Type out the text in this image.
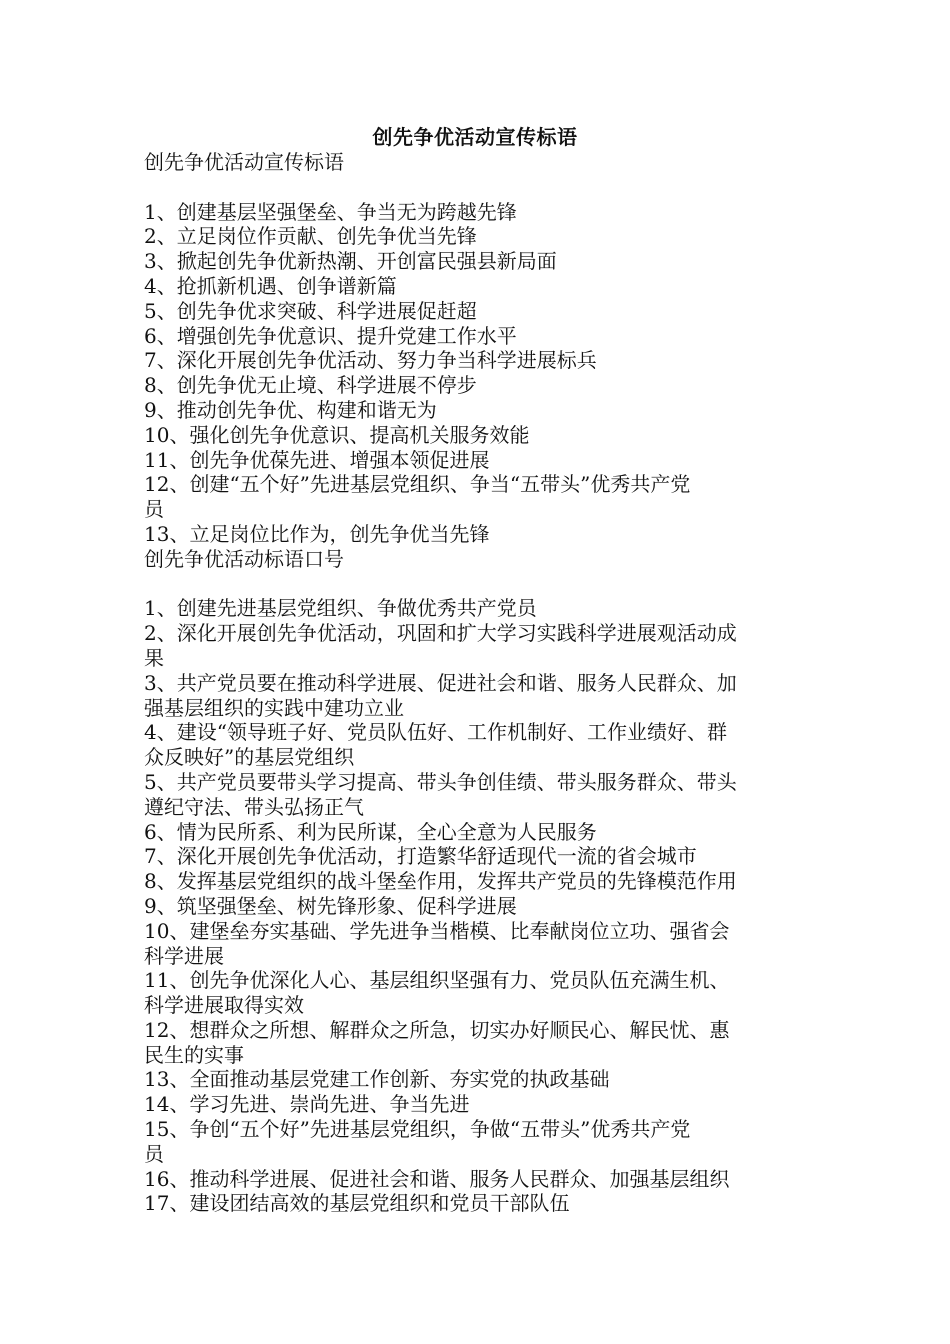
创先争优活动宣传标语
创先争优活动宣传标语
1、创建基层坚强堡垒、争当无为跨越先锋
2、立足岗位作贡献、创先争优当先锋
3、掀起创先争优新热潮、开创富民强县新局面
4、抢抓新机遇、创争谱新篇
5、创先争优求突破、科学进展促赶超
6、增强创先争优意识、提升党建工作水平
7、深化开展创先争优活动、努力争当科学进展标兵
8、创先争优无止境、科学进展不停步
9、推动创先争优、构建和谐无为
10、强化创先争优意识、提高机关服务效能
11、创先争优葆先进、增强本领促进展
12、创建“五个好”先进基层党组织、争当“五带头”优秀共产党
员
13、立足岗位比作为，创先争优当先锋
创先争优活动标语口号
1、创建先进基层党组织、争做优秀共产党员
2、深化开展创先争优活动，巩固和扩大学习实践科学进展观活动成
果
3、共产党员要在推动科学进展、促进社会和谐、服务人民群众、加
强基层组织的实践中建功立业
4、建设“领导班子好、党员队伍好、工作机制好、工作业绩好、群
众反映好”的基层党组织
5、共产党员要带头学习提高、带头争创佳绩、带头服务群众、带头
遵纪守法、带头弘扬正气
6、情为民所系、利为民所谋，全心全意为人民服务
7、深化开展创先争优活动，打造繁华舒适现代一流的省会城市
8、发挥基层党组织的战斗堡垒作用，发挥共产党员的先锋模范作用
9、筑坚强堡垒、树先锋形象、促科学进展
10、建堡垒夯实基础、学先进争当楷模、比奉献岗位立功、强省会
科学进展
11、创先争优深化人心、基层组织坚强有力、党员队伍充满生机、
科学进展取得实效
12、想群众之所想、解群众之所急，切实办好顺民心、解民忧、惠
民生的实事
13、全面推动基层党建工作创新、夯实党的执政基础
14、学习先进、崇尚先进、争当先进
15、争创“五个好”先进基层党组织，争做“五带头”优秀共产党
员
16、推动科学进展、促进社会和谐、服务人民群众、加强基层组织
17、建设团结高效的基层党组织和党员干部队伍
